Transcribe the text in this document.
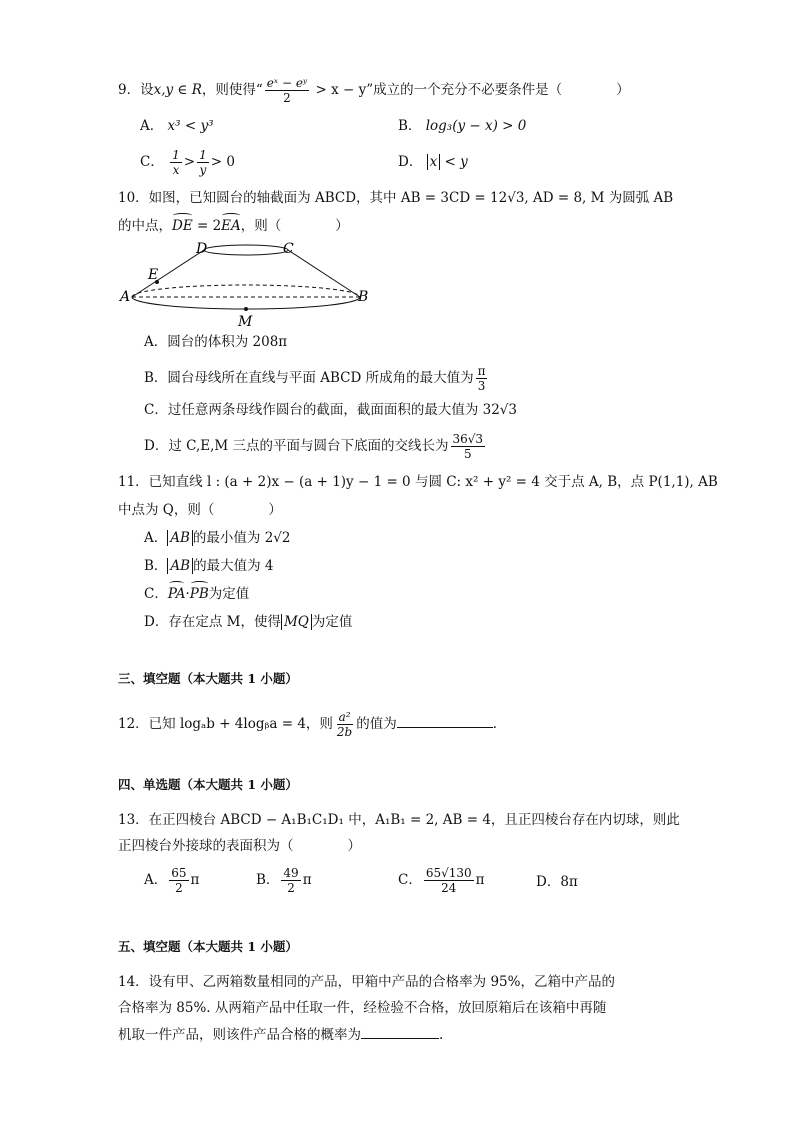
9．设x,y ∈ R，则使得“ $\frac{\text{eˣ − eʸ}}{2} > x - y$”成立的一个充分不必要条件是（　　　　）
A． x³ < y³	B． log₃(y − x) > 0
C． $\frac{1}{x} > \frac{1}{y} > 0$	D． x < y
10．如图，已知圆台的轴截面为 ABCD，其中 AB = 3CD = 12√3, AD = 8, M 为圆弧 AB
的中点，DE = 2EA，则（　　　　）
D	C
E
A	B
M
A．圆台的体积为 208π
B．圆台母线所在直线与平面 ABCD 所成角的最大值为 $\frac{\pi}{3}$
C．过任意两条母线作圆台的截面，截面面积的最大值为 32√3
D．过 C,E,M 三点的平面与圆台下底面的交线长为 $\frac{36√3}{5}$
11．已知直线 l : (a + 2)x − (a + 1)y − 1 = 0 与圆 C: x² + y² = 4 交于点 A, B，点 P(1,1), AB
中点为 Q，则（　　　　）
A． AB 的最小值为 2√2
B． AB 的最大值为 4
C．PA·PB为定值
D．存在定点 M，使得 MQ 为定值
三、填空题（本大题共 1 小题）
12．已知 logₐb + 4logᵦa = 4，则 $\frac{\text{a²}}{2b}$ 的值为	．
四、单选题（本大题共 1 小题）
13．在正四棱台 ABCD − A₁B₁C₁D₁ 中，A₁B₁ = 2, AB = 4，且正四棱台存在内切球，则此
正四棱台外接球的表面积为（　　　　）
A． $\frac{65}{2}$ π	B． $\frac{49}{2}$ π	C． $\frac{65√130}{24}$ π	D．8π
五、填空题（本大题共 1 小题）
14．设有甲、乙两箱数量相同的产品，甲箱中产品的合格率为 95%，乙箱中产品的
合格率为 85%. 从两箱产品中任取一件，经检验不合格，放回原箱后在该箱中再随
机取一件产品，则该件产品合格的概率为	.
